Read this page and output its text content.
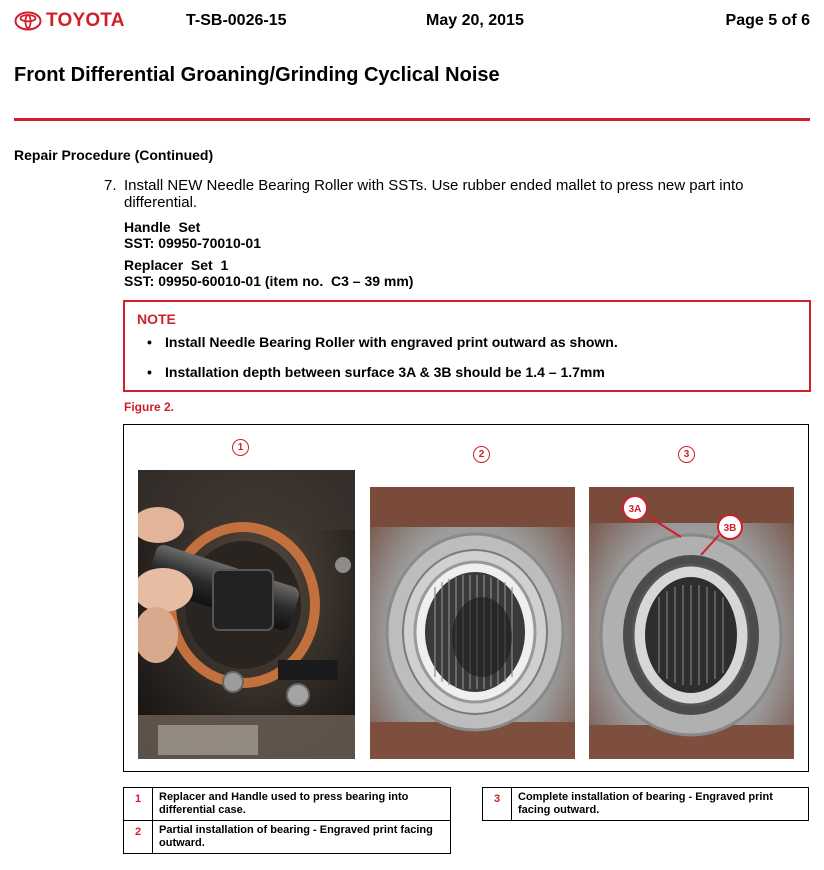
TOYOTA	T-SB-0026-15	May 20, 2015	Page 5 of 6
Front Differential Groaning/Grinding Cyclical Noise
Repair Procedure (Continued)
7. Install NEW Needle Bearing Roller with SSTs. Use rubber ended mallet to press new part into differential.
Handle  Set
SST: 09950-70010-01
Replacer  Set  1
SST: 09950-60010-01 (item no.  C3 – 39 mm)
NOTE
• Install Needle Bearing Roller with engraved print outward as shown.
• Installation depth between surface 3A & 3B should be 1.4 – 1.7mm
Figure 2.
1
2	3
3A
3B
1	Replacer and Handle used to press bearing into differential case.
2	Partial installation of bearing - Engraved print facing outward.
3	Complete installation of bearing - Engraved print facing outward.
